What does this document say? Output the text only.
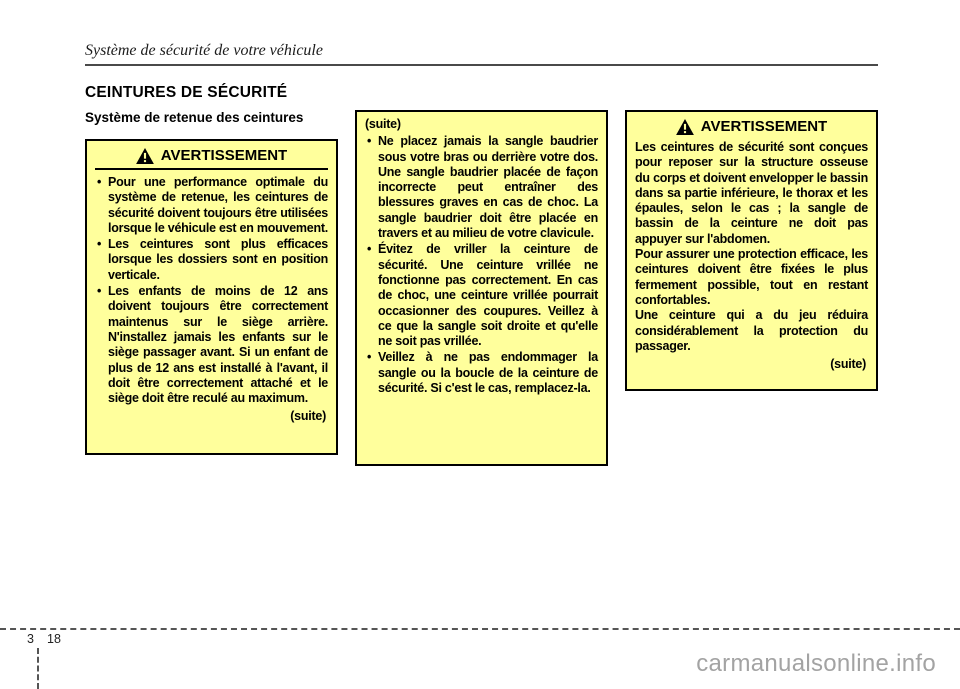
Système de sécurité de votre véhicule
CEINTURES DE SÉCURITÉ
Système de retenue des ceintures
AVERTISSEMENT
• Pour une performance optimale du système de retenue, les ceintures de sécurité doivent toujours être utilisées lorsque le véhicule est en mouvement.
• Les ceintures sont plus efficaces lorsque les dossiers sont en position verticale.
• Les enfants de moins de 12 ans doivent toujours être correctement maintenus sur le siège arrière. N'installez jamais les enfants sur le siège passager avant. Si un enfant de plus de 12 ans est installé à l'avant, il doit être correctement attaché et le siège doit être reculé au maximum.
(suite)
(suite)
• Ne placez jamais la sangle baudrier sous votre bras ou derrière votre dos. Une sangle baudrier placée de façon incorrecte peut entraîner des blessures graves en cas de choc. La sangle baudrier doit être placée en travers et au milieu de votre clavicule.
• Évitez de vriller la ceinture de sécurité. Une ceinture vrillée ne fonctionne pas correctement. En cas de choc, une ceinture vrillée pourrait occasionner des coupures. Veillez à ce que la sangle soit droite et qu'elle ne soit pas vrillée.
• Veillez à ne pas endommager la sangle ou la boucle de la ceinture de sécurité. Si c'est le cas, remplacez-la.
AVERTISSEMENT

Les ceintures de sécurité sont conçues pour reposer sur la structure osseuse du corps et doivent envelopper le bassin dans sa partie inférieure, le thorax et les épaules, selon le cas ; la sangle de bassin de la ceinture ne doit pas appuyer sur l'abdomen.

Pour assurer une protection efficace, les ceintures doivent être fixées le plus fermement possible, tout en restant confortables.

Une ceinture qui a du jeu réduira considérablement la protection du passager.

(suite)
3 18
carmanualsonline.info
